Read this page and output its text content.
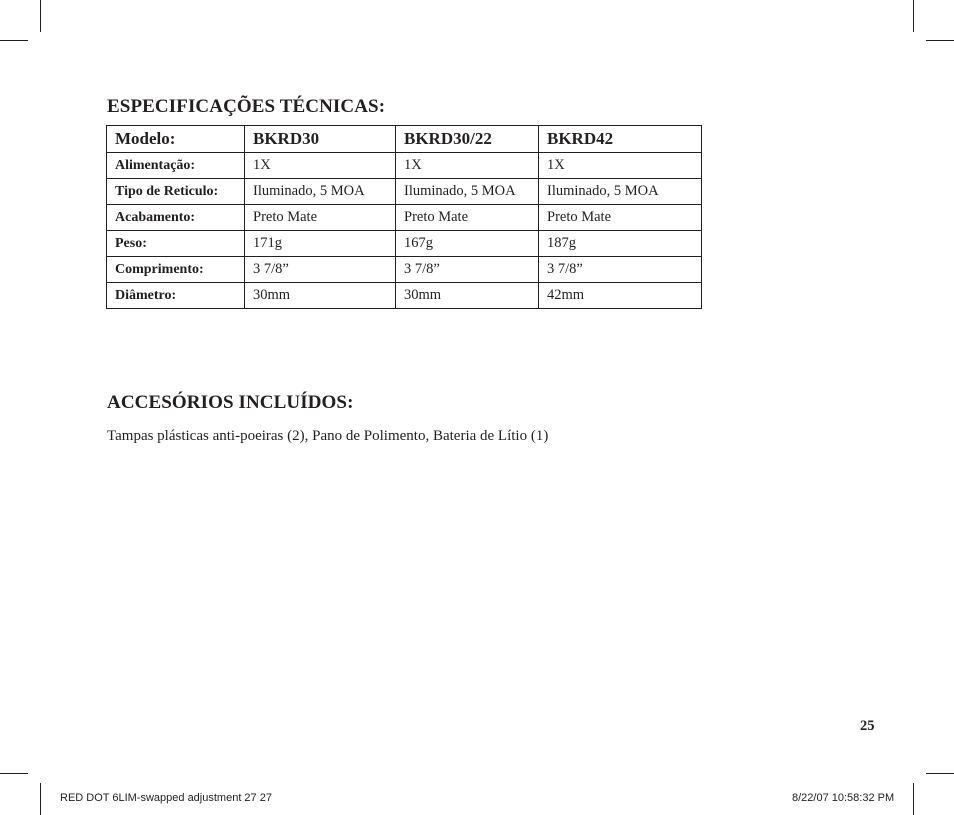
ESPECIFICAÇÕES TÉCNICAS:
Modelo:	BKRD30	BKRD30/22	BKRD42
Alimentação:	1X	1X	1X
Tipo de Reticulo:	Iluminado, 5 MOA	Iluminado, 5 MOA	Iluminado, 5 MOA
Acabamento:	Preto Mate	Preto Mate	Preto Mate
Peso:	171g	167g	187g
Comprimento:	3 7/8”	3 7/8”	3 7/8”
Diâmetro:	30mm	30mm	42mm
ACCESÓRIOS INCLUÍDOS:

Tampas plásticas anti-poeiras (2), Pano de Polimento, Bateria de Lítio (1)

25
RED DOT 6LIM-swapped adjustment 27 27	8/22/07 10:58:32 PM
